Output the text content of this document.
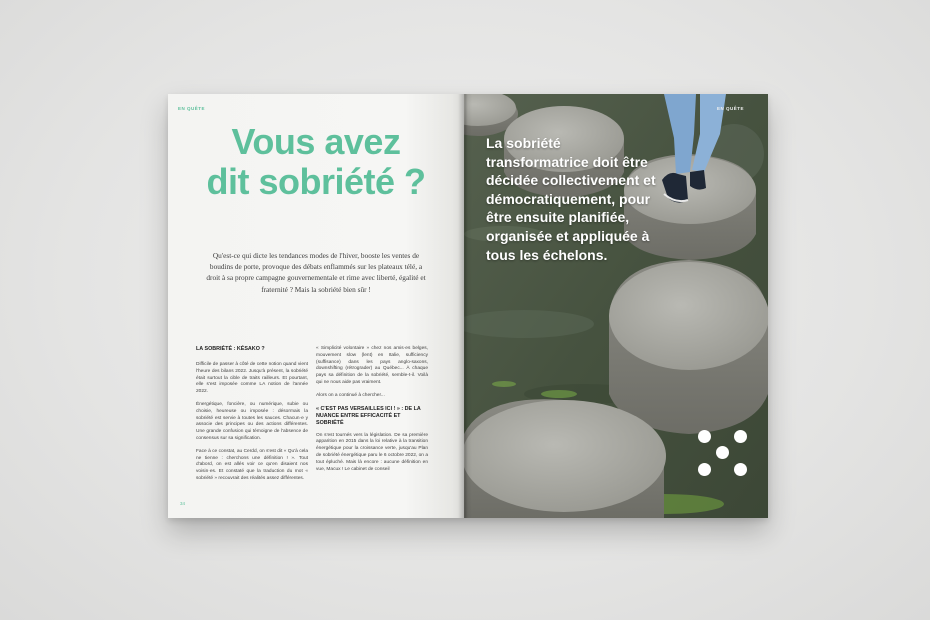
EN QUÊTE
Vous avez
dit sobriété ?
Qu'est-ce qui dicte les tendances modes de l'hiver, booste les ventes de boudins de porte, provoque des débats enflammés sur les plateaux télé, a droit à sa propre campagne gouvernementale et rime avec liberté, égalité et fraternité ? Mais la sobriété bien sûr !
LA SOBRIÉTÉ : KÉSAKO ?

Difficile de passer à côté de cette notion quand vient l'heure des bilans 2022. Jusqu'à présent, la sobriété était surtout la cible de traits railleurs. Et pourtant, elle s'est imposée comme LA notion de l'année 2022.

Énergétique, foncière, ou numérique, subie ou choisie, heureuse ou imposée : désormais la sobriété est servie à toutes les sauces. Chacun·e y associe des principes ou des actions différentes. Une grande confusion qui témoigne de l'absence de consensus sur sa signification.

Face à ce constat, au Cerdd, on s'est dit « Qu'à cela ne tienne : cherchons une définition ! ». Tout d'abord, on est allés voir ce qu'en disaient nos voisin·es. Et constaté que la traduction du mot « sobriété » recouvrait des réalités assez différentes.

« Simplicité volontaire » chez nos amis·es belges, mouvement slow (lent) en Italie, sufficiency (suffisance) dans les pays anglo-saxons, downshifting (rétrograder) au Québec... À chaque pays sa définition de la sobriété, semble-t-il. Voilà qui ne nous aide pas vraiment.

Alors on a continué à chercher...

« C'EST PAS VERSAILLES ICI ! » : DE LA NUANCE ENTRE EFFICACITÉ ET SOBRIÉTÉ

On s'est tournés vers la législation. De sa première apparition en 2015 dans la loi relative à la transition énergétique pour la croissance verte, jusqu'au Plan de sobriété énergétique paru le 6 octobre 2022, on a tout épluché. Mais là encore : aucune définition en vue, Macux ! Le cabinet de conseil

34
La sobriété transformatrice doit être décidée collectivement et démocratiquement, pour être ensuite planifiée, organisée et appliquée à tous les échelons.
EN QUÊTE
